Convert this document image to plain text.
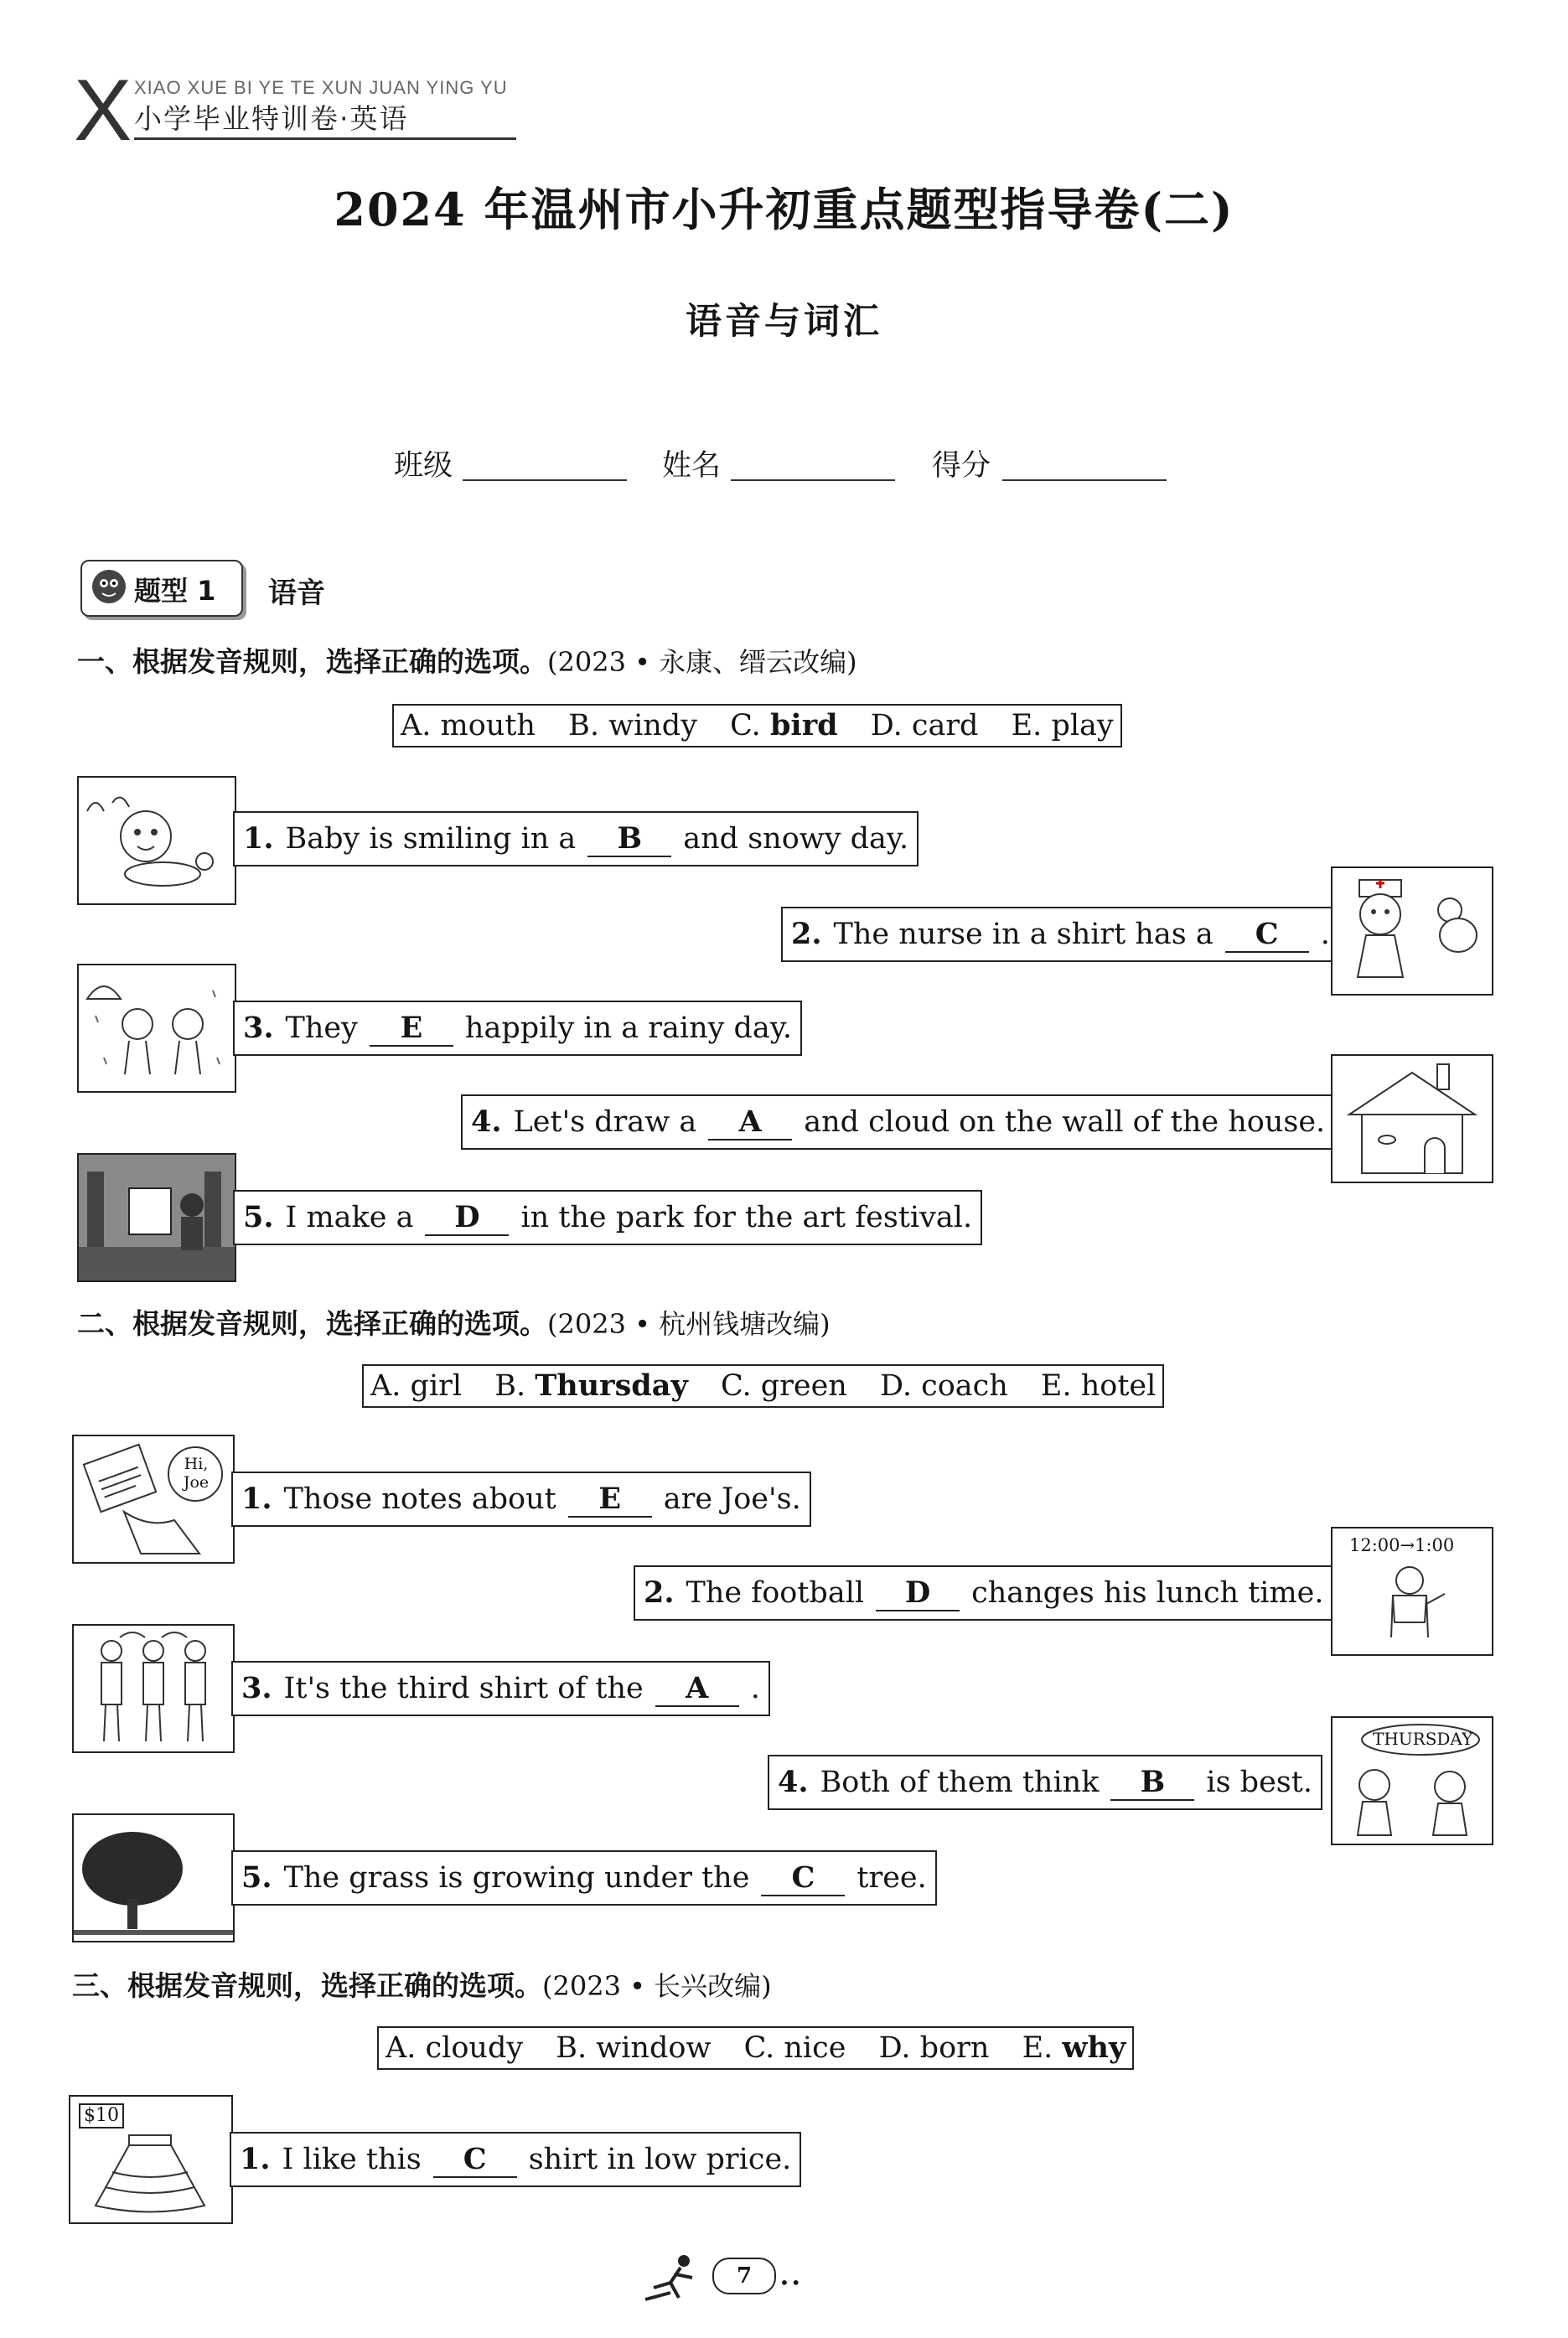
X XIAO XUE BI YE TE XUN JUAN YING YU
小学毕业特训卷·英语
2024 年温州市小升初重点题型指导卷(二)
语音与词汇
班级	姓名	得分
题型 1 语音
一、根据发音规则，选择正确的选项。(2023 • 永康、缙云改编)
A. mouth B. windy C. bird D. card E. play
1. Baby is smiling in a B and snowy day.
2. The nurse in a shirt has a C .
3. They E happily in a rainy day.
4. Let's draw a A and cloud on the wall of the house.
5. I make a D in the park for the art festival.
二、根据发音规则，选择正确的选项。(2023 • 杭州钱塘改编)
A. girl B. Thursday C. green D. coach E. hotel
Hi, Joe	1. Those notes about E are Joe's.
2. The football D changes his lunch time.
12:00→1:00
3. It's the third shirt of the A .
4. Both of them think B is best.
THURSDAY
5. The grass is growing under the C tree.
三、根据发音规则，选择正确的选项。(2023 • 长兴改编)
A. cloudy B. window C. nice D. born E. why
$10
1. I like this C shirt in low price.
7	••
